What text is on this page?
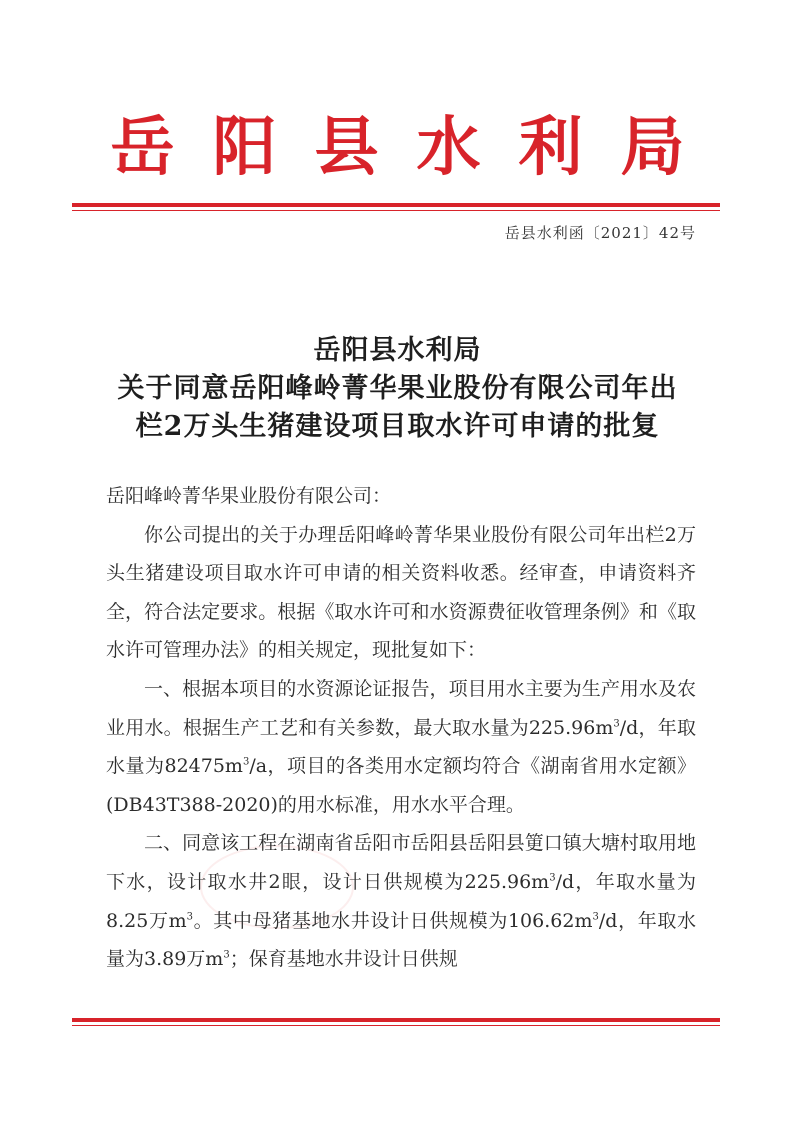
岳阳县水利局
岳县水利函〔2021〕42号
岳阳县水利局
关于同意岳阳峰岭菁华果业股份有限公司年出
栏2万头生猪建设项目取水许可申请的批复

岳阳峰岭菁华果业股份有限公司：

你公司提出的关于办理岳阳峰岭菁华果业股份有限公司年出栏2万头生猪建设项目取水许可申请的相关资料收悉。经审查，申请资料齐全，符合法定要求。根据《取水许可和水资源费征收管理条例》和《取水许可管理办法》的相关规定，现批复如下：

一、根据本项目的水资源论证报告，项目用水主要为生产用水及农业用水。根据生产工艺和有关参数，最大取水量为$225.96m^3/d$，年取水量为$82475m^3/a$，项目的各类用水定额均符合《湖南省用水定额》(DB43T388-2020)的用水标准，用水水平合理。

二、同意该工程在湖南省岳阳市岳阳县岳阳县筻口镇大塘村取用地下水，设计取水井2眼，设计日供规模为$225.96m^3/d$，年取水量为8.25万$m^3$。其中母猪基地水井设计日供规模为$106.62m^3/d$，年取水量为3.89万$m^3$；保育基地水井设计日供规
